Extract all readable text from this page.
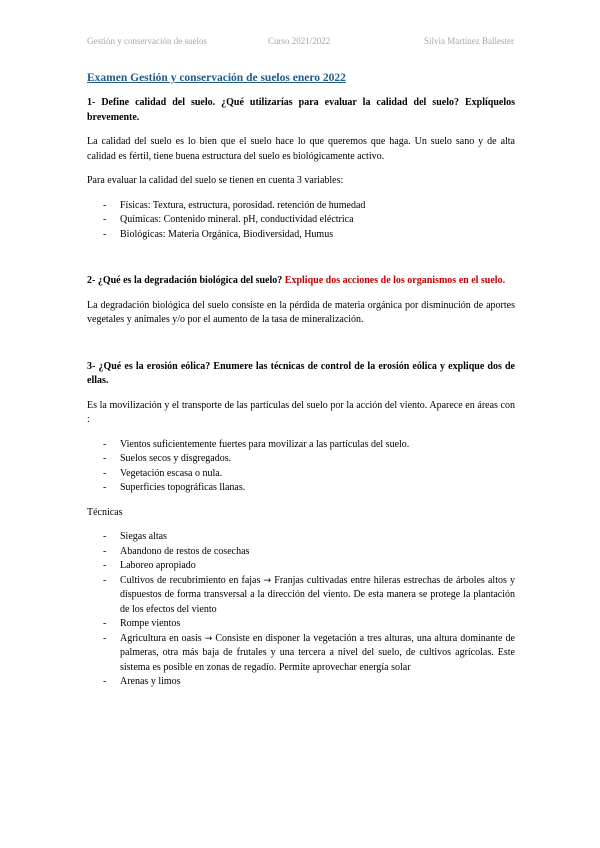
Gestión y conservación de suelos	Curso 2021/2022	Silvia Martínez Ballester
Examen Gestión y conservación de suelos enero 2022
1- Define calidad del suelo. ¿Qué utilizarías para evaluar la calidad del suelo? Explíquelos brevemente.

La calidad del suelo es lo bien que el suelo hace lo que queremos que haga. Un suelo sano y de alta calidad es fértil, tiene buena estructura del suelo es biológicamente activo.

Para evaluar la calidad del suelo se tienen en cuenta 3 variables:

- Físicas: Textura, estructura, porosidad. retención de humedad
- Químicas: Contenido mineral. pH, conductividad eléctrica
- Biológicas: Materia Orgánica, Biodiversidad, Humus
2- ¿Qué es la degradación biológica del suelo? Explique dos acciones de los organismos en el suelo.

La degradación biológica del suelo consiste en la pérdida de materia orgánica por disminución de aportes vegetales y animales y/o por el aumento de la tasa de mineralización.

3- ¿Qué es la erosión eólica? Enumere las técnicas de control de la erosión eólica y explique dos de ellas.

Es la movilización y el transporte de las partículas del suelo por la acción del viento. Aparece en áreas con :

- Vientos suficientemente fuertes para movilizar a las partículas del suelo.
- Suelos secos y disgregados.
- Vegetación escasa o nula.
- Superficies topográficas llanas.

Técnicas

- Siegas altas
- Abandono de restos de cosechas
- Laboreo apropiado
- Cultivos de recubrimiento en fajas → Franjas cultivadas entre hileras estrechas de árboles altos y dispuestos de forma transversal a la dirección del viento. De esta manera se protege la plantación de los efectos del viento
- Rompe vientos
- Agricultura en oasis → Consiste en disponer la vegetación a tres alturas, una altura dominante de palmeras, otra más baja de frutales y una tercera a nivel del suelo, de cultivos agrícolas. Este sistema es posible en zonas de regadío. Permite aprovechar energía solar
- Arenas y limos
